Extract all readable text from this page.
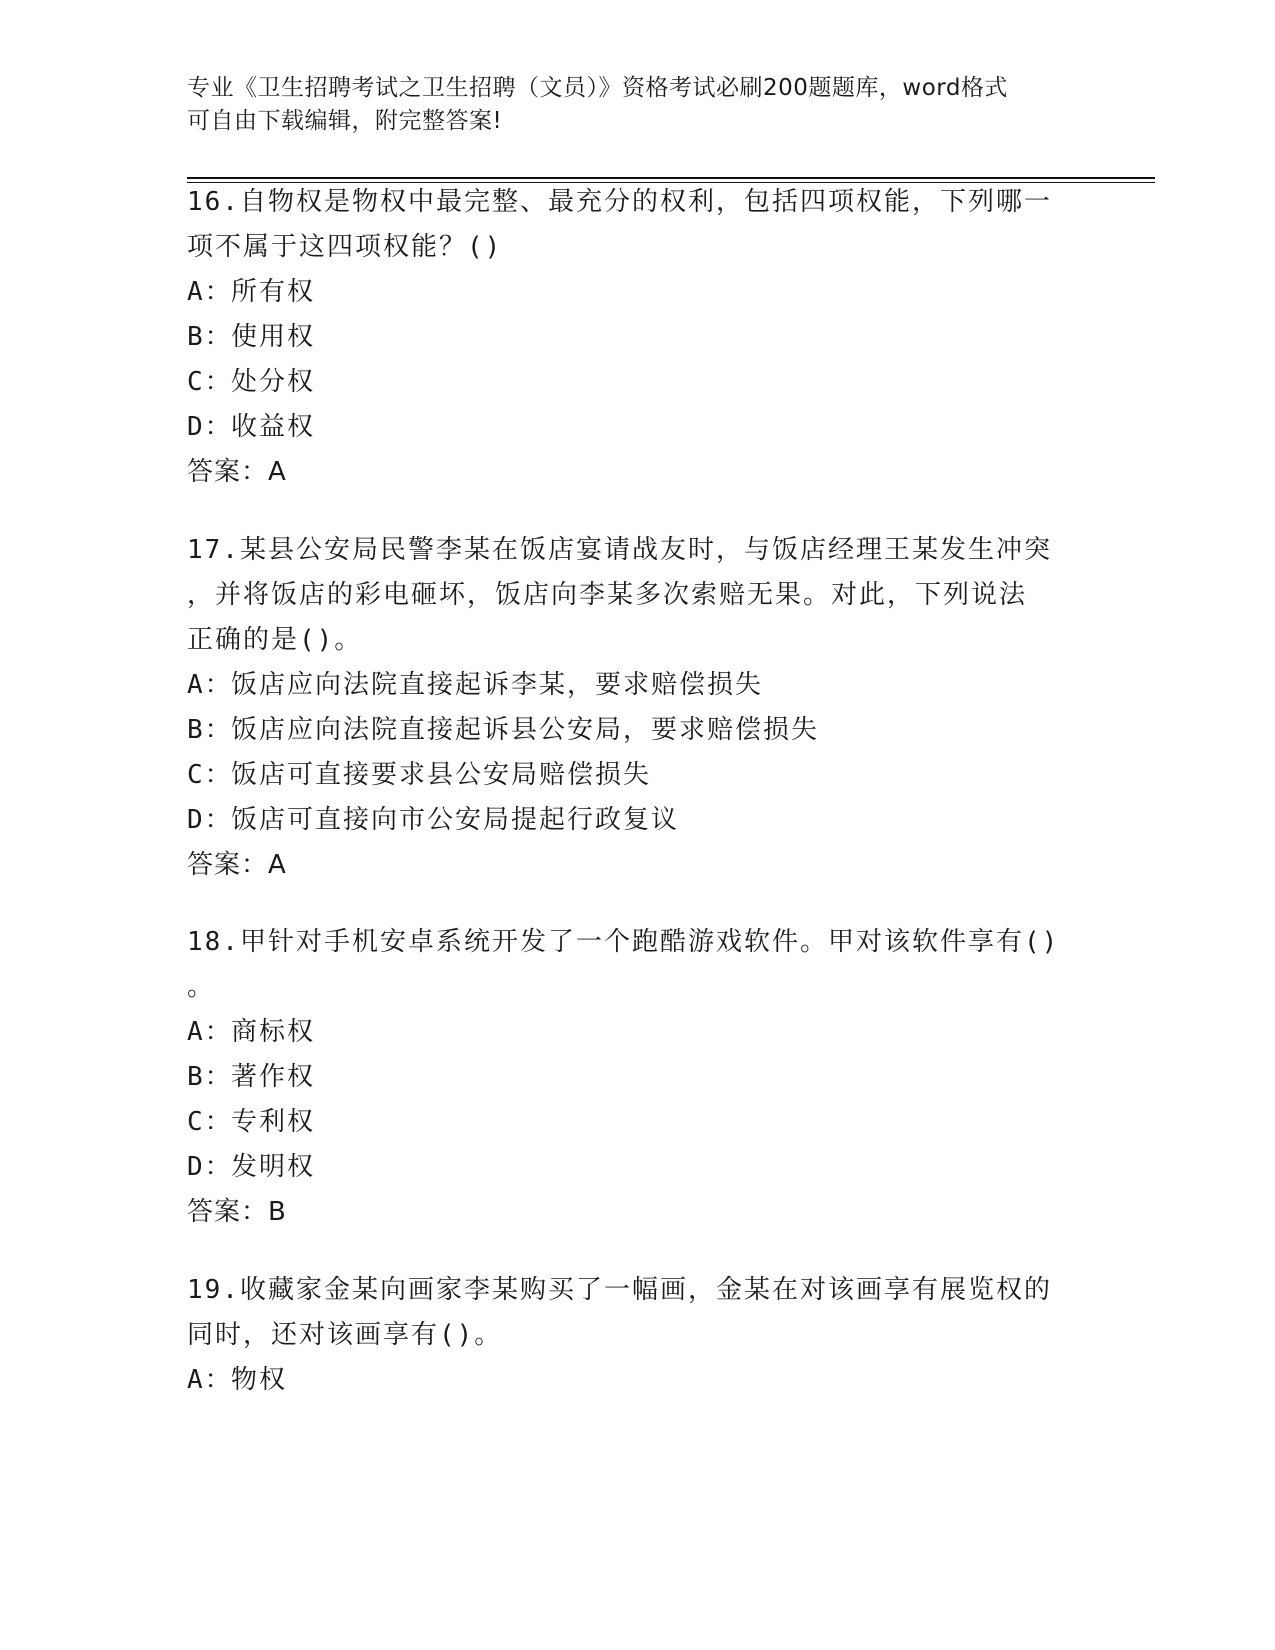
专业《卫生招聘考试之卫生招聘（文员）》资格考试必刷200题题库，word格式
可自由下载编辑，附完整答案!

16.自物权是物权中最完整、最充分的权利，包括四项权能，下列哪一

项不属于这四项权能？()

A：
所有权

B：
使用权

C：
处分权

D：
收益权

答案：A

17.某县公安局民警李某在饭店宴请战友时，与饭店经理王某发生冲突

，并将饭店的彩电砸坏，饭店向李某多次索赔无果。对此，下列说法

正确的是()。

A：
饭店应向法院直接起诉李某，要求赔偿损失

B：
饭店应向法院直接起诉县公安局，要求赔偿损失

C：
饭店可直接要求县公安局赔偿损失

D：
饭店可直接向市公安局提起行政复议

答案：A

18.甲针对手机安卓系统开发了一个跑酷游戏软件。甲对该软件享有()

。

A：
商标权

B：
著作权

C：
专利权

D：
发明权

答案：B

19.收藏家金某向画家李某购买了一幅画，金某在对该画享有展览权的

同时，还对该画享有()。

A：
物权
